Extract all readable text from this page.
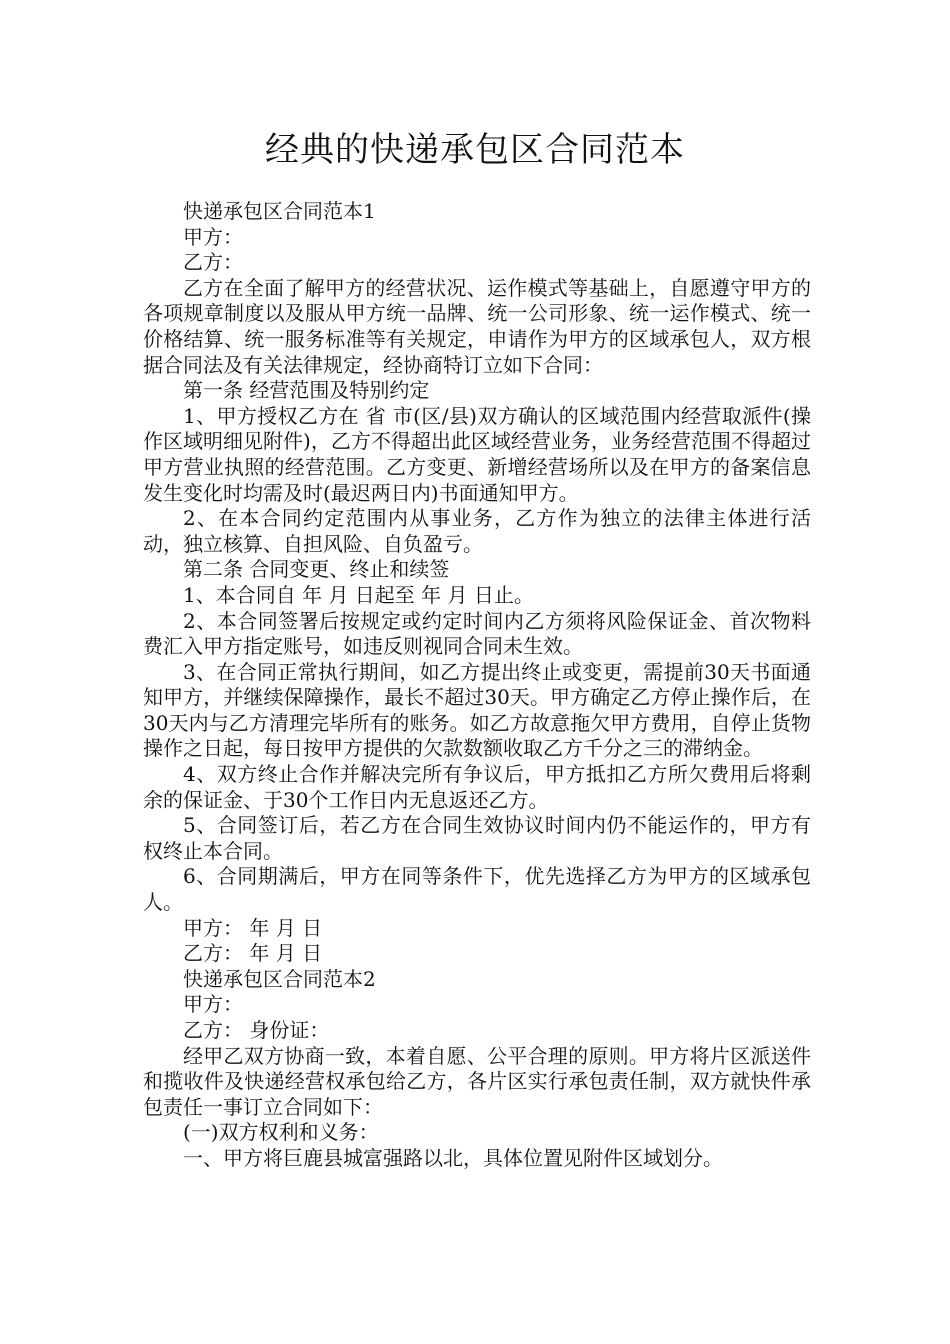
经典的快递承包区合同范本

快递承包区合同范本1

甲方：

乙方：

乙方在全面了解甲方的经营状况、运作模式等基础上，自愿遵守甲方的各项规章制度以及服从甲方统一品牌、统一公司形象、统一运作模式、统一价格结算、统一服务标准等有关规定，申请作为甲方的区域承包人，双方根据合同法及有关法律规定，经协商特订立如下合同：

第一条 经营范围及特别约定

1、甲方授权乙方在 省 市(区/县)双方确认的区域范围内经营取派件(操作区域明细见附件)，乙方不得超出此区域经营业务，业务经营范围不得超过甲方营业执照的经营范围。乙方变更、新增经营场所以及在甲方的备案信息发生变化时均需及时(最迟两日内)书面通知甲方。

2、在本合同约定范围内从事业务，乙方作为独立的法律主体进行活动，独立核算、自担风险、自负盈亏。

第二条 合同变更、终止和续签

1、本合同自 年 月 日起至 年 月 日止。

2、本合同签署后按规定或约定时间内乙方须将风险保证金、首次物料费汇入甲方指定账号，如违反则视同合同未生效。

3、在合同正常执行期间，如乙方提出终止或变更，需提前30天书面通知甲方，并继续保障操作，最长不超过30天。甲方确定乙方停止操作后，在30天内与乙方清理完毕所有的账务。如乙方故意拖欠甲方费用，自停止货物操作之日起，每日按甲方提供的欠款数额收取乙方千分之三的滞纳金。

4、双方终止合作并解决完所有争议后，甲方抵扣乙方所欠费用后将剩余的保证金、于30个工作日内无息返还乙方。

5、合同签订后，若乙方在合同生效协议时间内仍不能运作的，甲方有权终止本合同。

6、合同期满后，甲方在同等条件下，优先选择乙方为甲方的区域承包人。

甲方： 年 月 日

乙方： 年 月 日

快递承包区合同范本2

甲方：

乙方： 身份证：

经甲乙双方协商一致，本着自愿、公平合理的原则。甲方将片区派送件和揽收件及快递经营权承包给乙方，各片区实行承包责任制，双方就快件承包责任一事订立合同如下：

(一)双方权利和义务：

一、甲方将巨鹿县城富强路以北，具体位置见附件区域划分。
